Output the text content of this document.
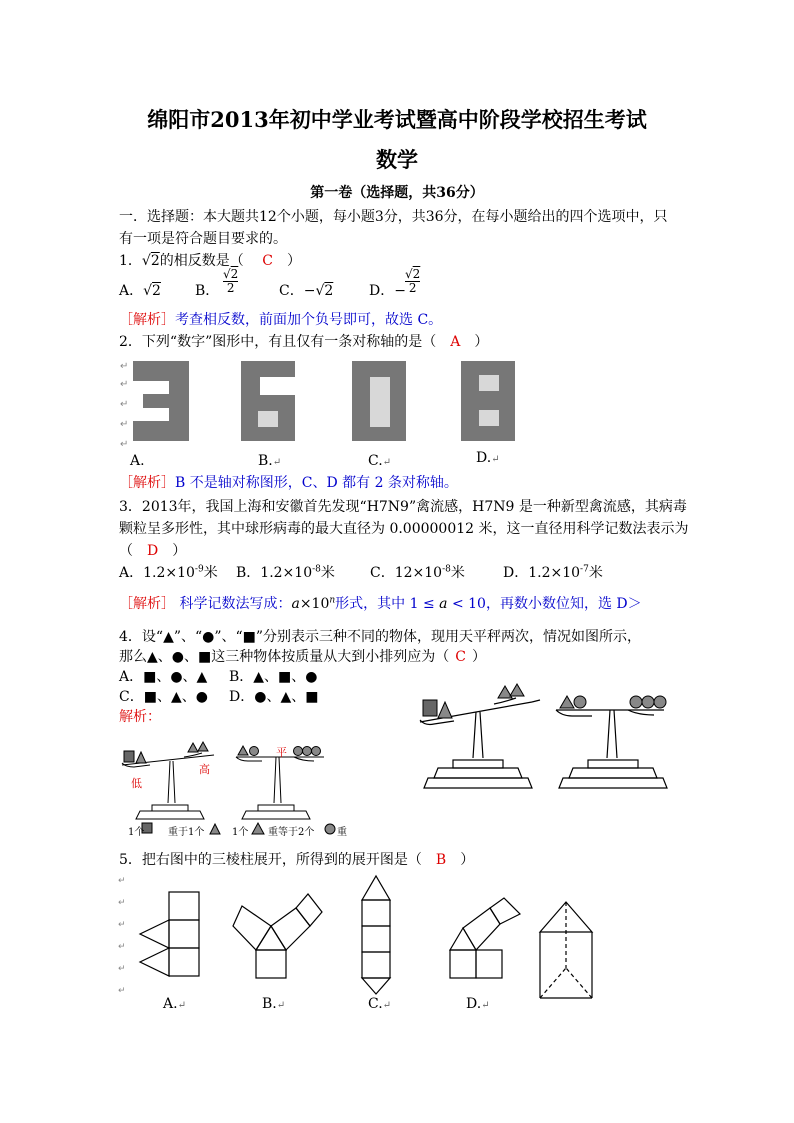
绵阳市2013年初中学业考试暨高中阶段学校招生考试
数学
第一卷（选择题，共36分）
一．选择题：本大题共12个小题，每小题3分，共36分，在每小题给出的四个选项中，只
有一项是符合题目要求的。
1．√2的相反数是（ C ）
A．√2 B．
√2
2	C．−√2	D．−
√2
2
［解析］考查相反数，前面加个负号即可，故选 C。
2．下列“数字”图形中，有且仅有一条对称轴的是（ A ）
↵
↵
↵
↵
↵
A.	B.↵	C.↵	D.↵
［解析］B 不是轴对称图形，C、D 都有 2 条对称轴。
3．2013年，我国上海和安徽首先发现“H7N9”禽流感，H7N9 是一种新型禽流感，其病毒
颗粒呈多形性，其中球形病毒的最大直径为 0.00000012 米，这一直径用科学记数法表示为
（ D ）
A．$1.2\times 10^{-9}$米 B．$1.2\times 10^{-8}$米	C．$12\times 10^{-8}$米	D．$1.2\times 10^{-7}$米
［解析］ 科学记数法写成：$a\times 10^n$形式，其中 1 ≤ a < 10，再数小数位知，选 D＞
4．设“▲”、“●”、“■”分别表示三种不同的物体，现用天平秤两次，情况如图所示，
那么▲、●、■这三种物体按质量从大到小排列应为（ C ）
A．■、●、▲ B．▲、■、●
C．■、▲、● D．●、▲、■
解析：
低
高
平
1个 重于1个	1个 重等于2个 重
5．把右图中的三棱柱展开，所得到的展开图是（ B ）
↵
↵
↵
↵
↵
↵
A.↵	B.↵	C.↵	D.↵
